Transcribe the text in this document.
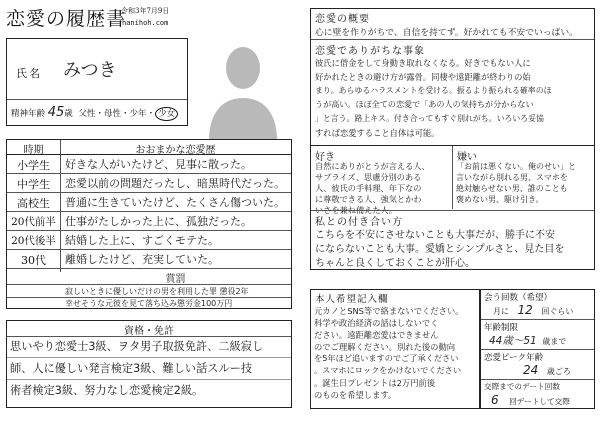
恋愛の履歴書
令和3年7月9日
hanihoh.com
氏名 みつき
精神年齢 45歳 父性・母性・少年・ 少女
時期	おおまかな恋愛歴
小学生	好きな人がいたけど、見事に散った。
中学生	恋愛以前の問題だったし、暗黒時代だった。
高校生	普通に生きていたけど、たくさん傷ついた。
20代前半 仕事がたしかった上に、孤独だった。
20代後半 結婚した上に、すごくモテた。
30代	離婚したけど、充実していた。
賞罰
寂しいときに優しいだけの男を利用した罪 懲役2年
幸せそうな元彼を見て落ち込み懲労金100万円
資格・免許
思いやり恋愛士3級、ヲタ男子取扱免許、二級寂し
師、人に優しい発言検定3級、難しい話スルー技
術者検定3級、努力なし恋愛検定2級。
恋愛の概要
心に壁を作りがちで、自信を持てず。好かれても不安でいっぱい。
恋愛でありがちな事象
彼氏に借金をして身動き取れなくなる。好きでもない人に
好かれたときの避け方が露骨。同棲や遠距離が終わりの始
まり。あらゆるハラスメントを受ける。振るより振られる確率のほ
うが高い。ほぼ全ての恋愛で「あの人の気持ちが分からない
」と言う。路上キス。付き合ってもすぐ別れがち。いろいろ妥協
すれば恋愛すること自体は可能。
好き
自然にありがとうが言える人、
サプライズ、思慮分別のある
人、彼氏の手料理、年下なの
に尊敬できる人、強気とかわ
いさを兼ね備えた人。
嫌い
「お前は悪くない。俺のせい」と
言いながら別れる男、スマホを
絶対触らせない男、誰のことも
褒めない男、駆け引き。
私との付き合い方
こちらを不安にさせないことも大事だが、勝手に不安
にならないことも大事。愛嬌とシンプルさと、見た目を
ちゃんと良くしておくことが肝心。
本人希望記入欄
元カノとSNS等で絡まないでください。
科学や政治経済の話はしないでく
ださい。遠距離恋愛はできません
のでご理解ください。別れた後の動向
を5年ほど追いますのでご了承ください
。スマホにロックをかけないでください
。誕生日プレゼントは2万円前後
のものを希望します。
会う回数（希望）
月に 12 回ぐらい
年齢制限
44歳〜51 歳まで
恋愛ピーク年齢
24 歳ごろ
交際までのデート回数
6 回デートして交際
